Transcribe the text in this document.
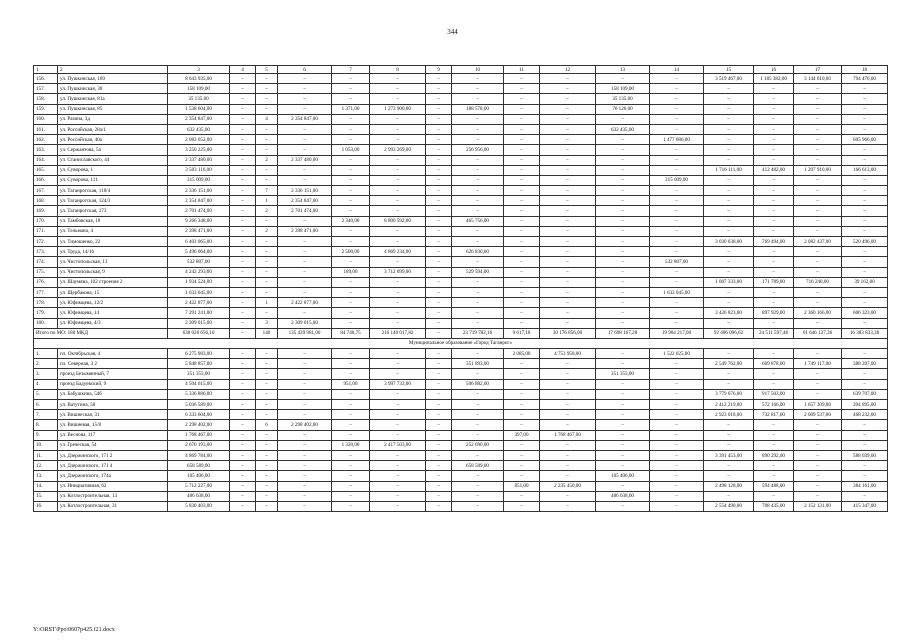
344
1	2	3	4	5	6	7	8	9	10	11	12	13	14	15	16	17	18
156.	ул. Пушкинская, 169	8 643 935,00	–	–	–	–	–	–	–	–	–	–	–	3 519 467,00	1 185 382,00	3 144 610,00	794 476,00
157.	ул. Пушкинская, 38	158 109,00	–	–	–	–	–	–	–	–	–	158 109,00	–	–	–	–	–
158.	ул. Пушкинская, 81а	35 135,00	–	–	–	–	–	–	–	–	–	35 135,00	–	–	–	–	–
159.	ул. Пушкинская, 85	1 538 604,00	–	–	–	1 371,00	1 273 900,00	–	188 578,00	–	–	76 126,00	–	–	–	–	–
160.	ул. Разина, 3д	2 354 847,00	–	4	2 354 847,00	–	–	–	–	–	–	–	–	–	–	–	–
161.	ул. Российская, 28а/1	632 435,00	–	–	–	–	–	–	–	–	–	632 435,00	–	–	–	–	–
162.	ул. Российская, 40а	2 083 052,00	–	–	–	–	–	–	–	–	–	–	1 477 086,00	–	–	–	605 966,00
163.	ул. Сержантова, 5а	3 250 225,00	–	–	–	1 053,00	2 993 269,00	–	256 956,00	–	–	–	–	–	–	–	–
164.	ул. Станиславского, 44	2 337 480,00	–	2	2 337 480,00	–	–	–	–	–	–	–	–	–	–	–	–
165.	ул. Суворова, 1	3 503 116,00	–	–	–	–	–	–	–	–	–	–	–	1 716 111,00	412 482,00	1 207 910,00	166 613,00
166.	ул. Суворова, 111	315 009,00	–	–	–	–	–	–	–	–	–	–	315 009,00	–	–	–	–
167.	ул. Таганрогская, 118/4	2 336 151,00	–	7	2 336 151,00	–	–	–	–	–	–	–	–	–	–	–	–
168.	ул. Таганрогская, 124/3	2 354 847,00	–	1	2 354 847,00	–	–	–	–	–	–	–	–	–	–	–	–
169.	ул. Таганрогская, 173	2 701 474,00	–	2	2 701 474,00	–	–	–	–	–	–	–	–	–	–	–	–
170.	ул. Тамбовская, 18	9 266 348,00	–	–	–	2 340,00	8 800 592,00	–	465 756,00	–	–	–	–	–	–	–	–
171.	ул. Тельмана, 4	2 398 471,00	–	2	2 398 471,00	–	–	–	–	–	–	–	–	–	–	–	–
172.	ул. Тимошенко, 22	6 403 065,00	–	–	–	–	–	–	–	–	–	–	–	3 030 638,00	769 494,00	2 082 437,00	520 496,00
173.	ул. Труда, 14/16	5 496 064,00	–	–	–	2 500,00	4 869 234,00	–	626 830,00	–	–	–	–	–	–	–	–
174.	ул. Чистопольская, 13	532 807,00	–	–	–	–	–	–	–	–	–	–	532 807,00	–	–	–	–
175.	ул. Чистопольская, 9	4 242 293,00	–	–	–	189,00	3 712 699,00	–	529 594,00	–	–	–	–	–	–	–	–
176.	ул. Шаумяна, 102 строение 2	1 934 524,00	–	–	–	–	–	–	–	–	–	–	–	1 007 333,00	171 789,00	716 240,00	39 162,00
177.	ул. Щербаковa, 15	1 633 045,00	–	–	–	–	–	–	–	–	–	–	1 633 045,00	–	–	–	–
178.	ул. Юфимцева, 12/2	2 422 877,00	–	1	2 422 877,00	–	–	–	–	–	–	–	–	–	–	–	–
179.	ул. Юфимцева, 14	7 291 241,00	–	–	–	–	–	–	–	–	–	–	–	3 426 823,00	897 929,00	2 360 166,00	606 323,00
180.	ул. Юфимцева, 4/3	2 309 015,00	–	3	2 309 015,00	–	–	–	–	–	–	–	–	–	–	–	–
Итого по МО: 180 МКД		638 026 656,10	–	140	135 439 981,00	84 740,75	216 140 017,82	–	23 719 782,16	9 617,18	30 176 856,00	17 698 167,28	19 904 217,00	92 406 096,62	24 511 597,48	61 646 137,36	16 383 833,38
Муниципальное образование «Город Таганрог»																	
1.	пл. Октябрьская, 4	6 275 983,00	–	–	–	–	–	–	–	2 085,00	4 753 958,00	–	1 522 025,00	–	–	–	–
2.	пл. Северная, 3 2	5 848 857,00	–	–	–	–	–	–	351 893,00	–	–	–	–	2 549 762,00	609 878,00	1 749 117,00	388 207,00
3.	проезд Безымянный, 7	351 353,00	–	–	–	–	–	–	–	–	–	351 353,00	–	–	–	–	–
4.	проезд Бадуевский, 9	4 504 615,00	–	–	–	951,00	3 997 733,00	–	506 882,00	–	–	–	–	–	–	–	–
5.	ул. Бабушкина, 54б	5 336 886,00	–	–	–	–	–	–	–	–	–	–	–	3 779 676,00	917 503,00	–	639 707,00
6.	ул. Ватутина, 58	5 036 589,00	–	–	–	–	–	–	–	–	–	–	–	2 412 219,00	572 166,00	1 657 309,00	394 895,00
7.	ул. Вишнеская, 31	6 333 604,00	–	–	–	–	–	–	–	–	–	–	–	2 923 018,00	732 817,00	2 009 537,00	468 232,00
8.	ул. Вишневая, 15/8	2 298 402,00	–	6	2 298 402,00	–	–	–	–	–	–	–	–	–	–	–	–
9.	ул. Веснова, 117	1 768 467,00	–	–	–	–	–	–	–	397,00	1 768 467,00	–	–	–	–	–	–
10.	ул. Греческая, 54	2 670 193,00	–	–	–	1 320,00	2 417 503,00	–	252 690,00	–	–	–	–	–	–	–	–
11.	ул. Дзержинского, 171 2	4 869 784,00	–	–	–	–	–	–	–	–	–	–	–	3 391 453,00	890 292,00	–	588 039,00
12.	ул. Дзержинского, 171 4	658 589,00	–	–	–	–	–	–	658 589,00	–	–	–	–	–	–	–	–
13.	ул. Дзержинского, 174а	105 406,00	–	–	–	–	–	–	–	–	–	105 406,00	–	–	–	–	–
14.	ул. Инициативная, 62	5 712 227,00	–	–	–	–	–	–	–	851,00	2 235 450,00	–	–	2 498 128,00	594 488,00	–	384 161,00
15.	ул. Котлостроительная, 13	486 038,00	–	–	–	–	–	–	–	–	–	486 038,00	–	–	–	–	–
16.	ул. Котлостроительная, 31	5 830 403,00	–	–	–	–	–	–	–	–	–	–	–	2 554 490,00	708 435,00	2 152 131,00	415 347,00
Y:\ORST\Ppo\0607p425.f21.docx
